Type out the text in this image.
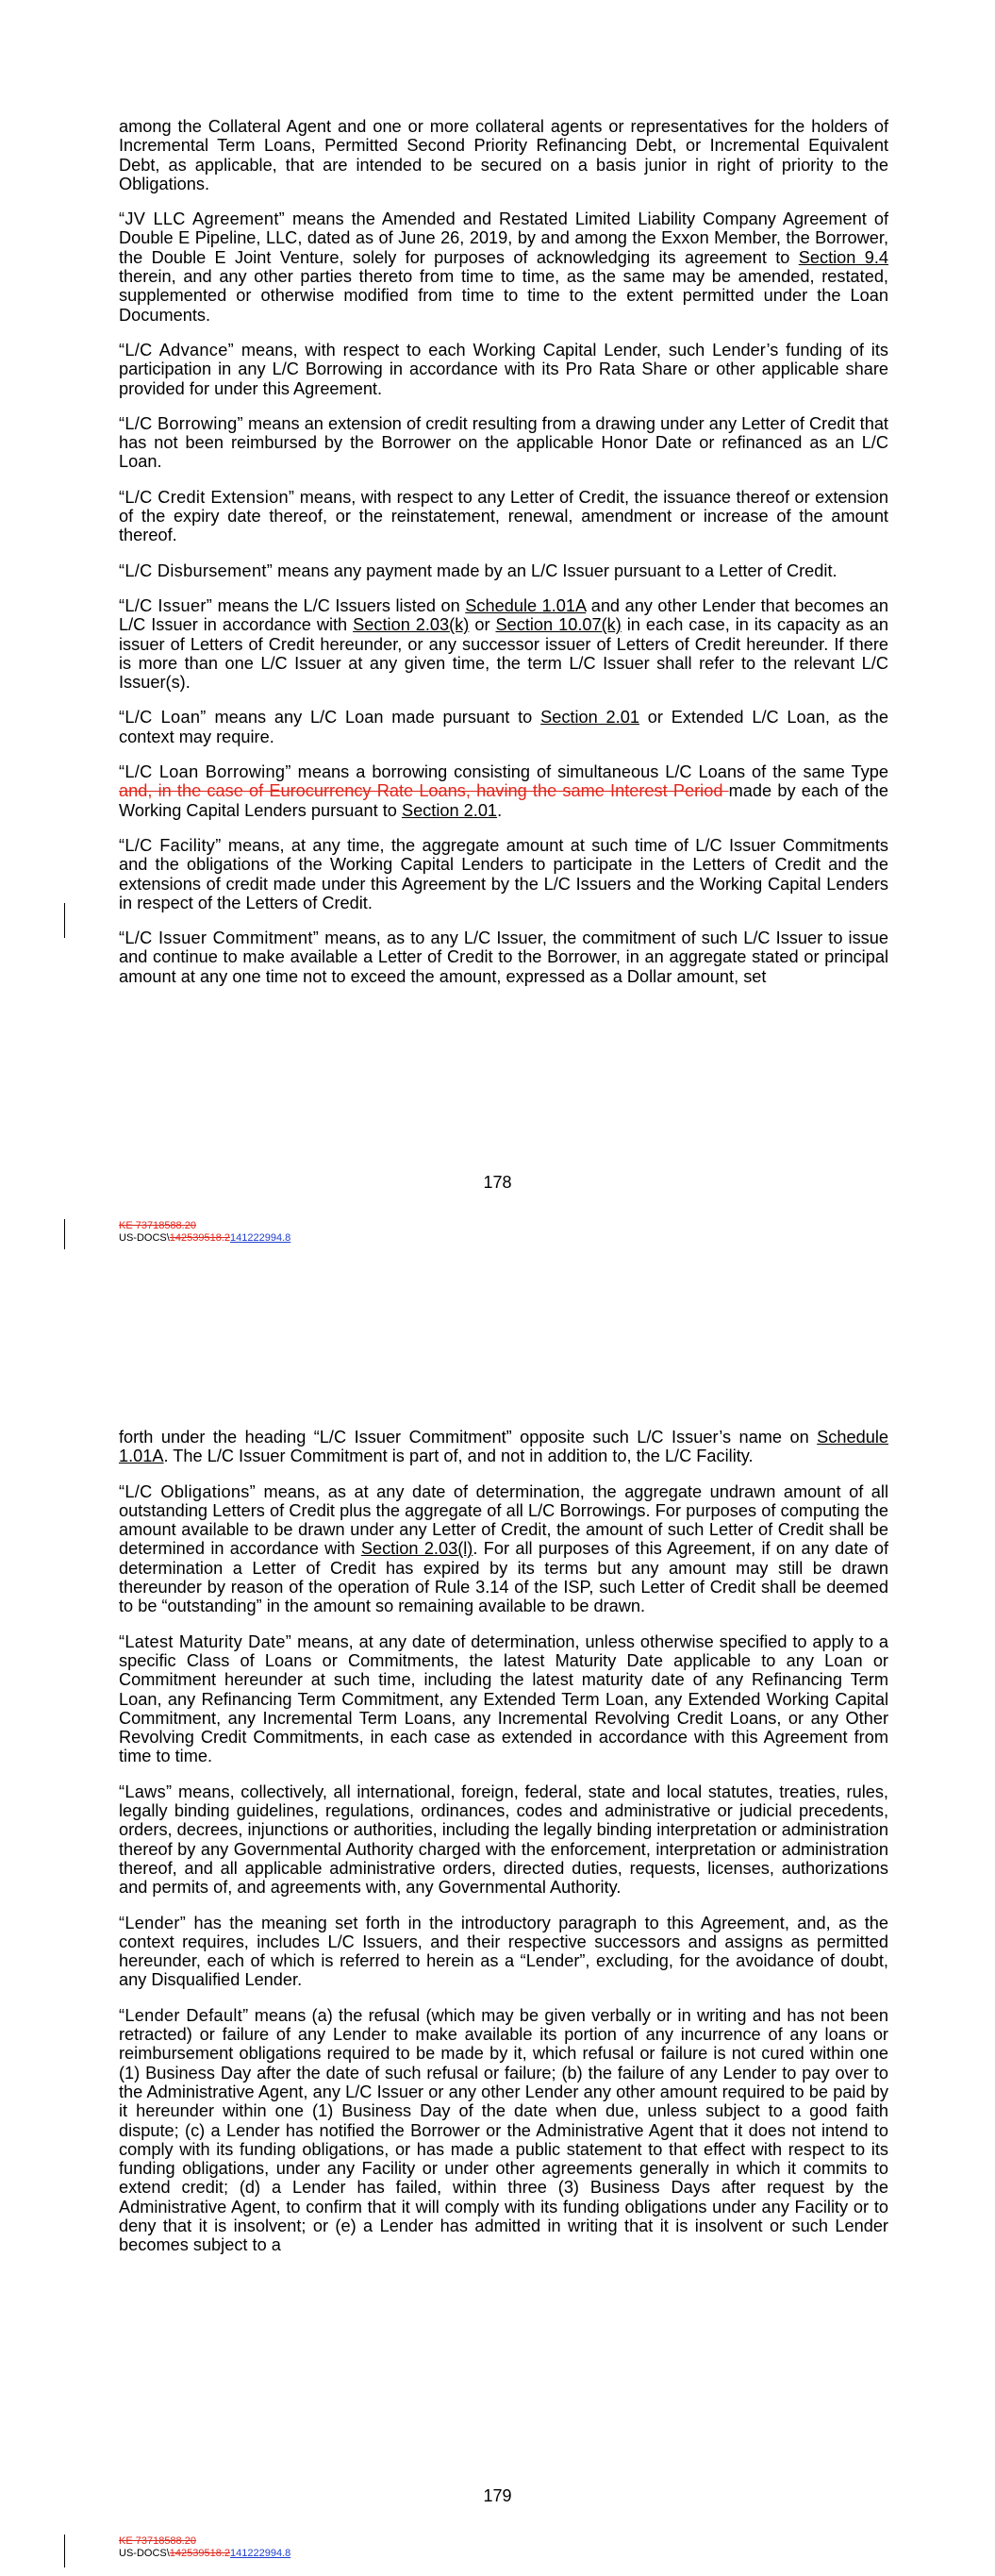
among the Collateral Agent and one or more collateral agents or representatives for the holders of Incremental Term Loans, Permitted Second Priority Refinancing Debt, or Incremental Equivalent Debt, as applicable, that are intended to be secured on a basis junior in right of priority to the Obligations.

“JV LLC Agreement” means the Amended and Restated Limited Liability Company Agreement of Double E Pipeline, LLC, dated as of June 26, 2019, by and among the Exxon Member, the Borrower, the Double E Joint Venture, solely for purposes of acknowledging its agreement to Section 9.4 therein, and any other parties thereto from time to time, as the same may be amended, restated, supplemented or otherwise modified from time to time to the extent permitted under the Loan Documents.

“L/C Advance” means, with respect to each Working Capital Lender, such Lender’s funding of its participation in any L/C Borrowing in accordance with its Pro Rata Share or other applicable share provided for under this Agreement.

“L/C Borrowing” means an extension of credit resulting from a drawing under any Letter of Credit that has not been reimbursed by the Borrower on the applicable Honor Date or refinanced as an L/C Loan.

“L/C Credit Extension” means, with respect to any Letter of Credit, the issuance thereof or extension of the expiry date thereof, or the reinstatement, renewal, amendment or increase of the amount thereof.

“L/C Disbursement” means any payment made by an L/C Issuer pursuant to a Letter of Credit.

“L/C Issuer” means the L/C Issuers listed on Schedule 1.01A and any other Lender that becomes an L/C Issuer in accordance with Section 2.03(k) or Section 10.07(k) in each case, in its capacity as an issuer of Letters of Credit hereunder, or any successor issuer of Letters of Credit hereunder. If there is more than one L/C Issuer at any given time, the term L/C Issuer shall refer to the relevant L/C Issuer(s).

“L/C Loan” means any L/C Loan made pursuant to Section 2.01 or Extended L/C Loan, as the context may require.

“L/C Loan Borrowing” means a borrowing consisting of simultaneous L/C Loans of the same Type and, in the case of Eurocurrency Rate Loans, having the same Interest Period made by each of the Working Capital Lenders pursuant to Section 2.01.

“L/C Facility” means, at any time, the aggregate amount at such time of L/C Issuer Commitments and the obligations of the Working Capital Lenders to participate in the Letters of Credit and the extensions of credit made under this Agreement by the L/C Issuers and the Working Capital Lenders in respect of the Letters of Credit.

“L/C Issuer Commitment” means, as to any L/C Issuer, the commitment of such L/C Issuer to issue and continue to make available a Letter of Credit to the Borrower, in an aggregate stated or principal amount at any one time not to exceed the amount, expressed as a Dollar amount, set

178
KE 73718588.20
US-DOCS\142539518.2141222994.8

forth under the heading “L/C Issuer Commitment” opposite such L/C Issuer’s name on Schedule 1.01A. The L/C Issuer Commitment is part of, and not in addition to, the L/C Facility.

“L/C Obligations” means, as at any date of determination, the aggregate undrawn amount of all outstanding Letters of Credit plus the aggregate of all L/C Borrowings. For purposes of computing the amount available to be drawn under any Letter of Credit, the amount of such Letter of Credit shall be determined in accordance with Section 2.03(l). For all purposes of this Agreement, if on any date of determination a Letter of Credit has expired by its terms but any amount may still be drawn thereunder by reason of the operation of Rule 3.14 of the ISP, such Letter of Credit shall be deemed to be “outstanding” in the amount so remaining available to be drawn.

“Latest Maturity Date” means, at any date of determination, unless otherwise specified to apply to a specific Class of Loans or Commitments, the latest Maturity Date applicable to any Loan or Commitment hereunder at such time, including the latest maturity date of any Refinancing Term Loan, any Refinancing Term Commitment, any Extended Term Loan, any Extended Working Capital Commitment, any Incremental Term Loans, any Incremental Revolving Credit Loans, or any Other Revolving Credit Commitments, in each case as extended in accordance with this Agreement from time to time.

“Laws” means, collectively, all international, foreign, federal, state and local statutes, treaties, rules, legally binding guidelines, regulations, ordinances, codes and administrative or judicial precedents, orders, decrees, injunctions or authorities, including the legally binding interpretation or administration thereof by any Governmental Authority charged with the enforcement, interpretation or administration thereof, and all applicable administrative orders, directed duties, requests, licenses, authorizations and permits of, and agreements with, any Governmental Authority.

“Lender” has the meaning set forth in the introductory paragraph to this Agreement, and, as the context requires, includes L/C Issuers, and their respective successors and assigns as permitted hereunder, each of which is referred to herein as a “Lender”, excluding, for the avoidance of doubt, any Disqualified Lender.

“Lender Default” means (a) the refusal (which may be given verbally or in writing and has not been retracted) or failure of any Lender to make available its portion of any incurrence of any loans or reimbursement obligations required to be made by it, which refusal or failure is not cured within one (1) Business Day after the date of such refusal or failure; (b) the failure of any Lender to pay over to the Administrative Agent, any L/C Issuer or any other Lender any other amount required to be paid by it hereunder within one (1) Business Day of the date when due, unless subject to a good faith dispute; (c) a Lender has notified the Borrower or the Administrative Agent that it does not intend to comply with its funding obligations, or has made a public statement to that effect with respect to its funding obligations, under any Facility or under other agreements generally in which it commits to extend credit; (d) a Lender has failed, within three (3) Business Days after request by the Administrative Agent, to confirm that it will comply with its funding obligations under any Facility or to deny that it is insolvent; or (e) a Lender has admitted in writing that it is insolvent or such Lender becomes subject to a

179
KE 73718588.20
US-DOCS\142539518.2141222994.8
